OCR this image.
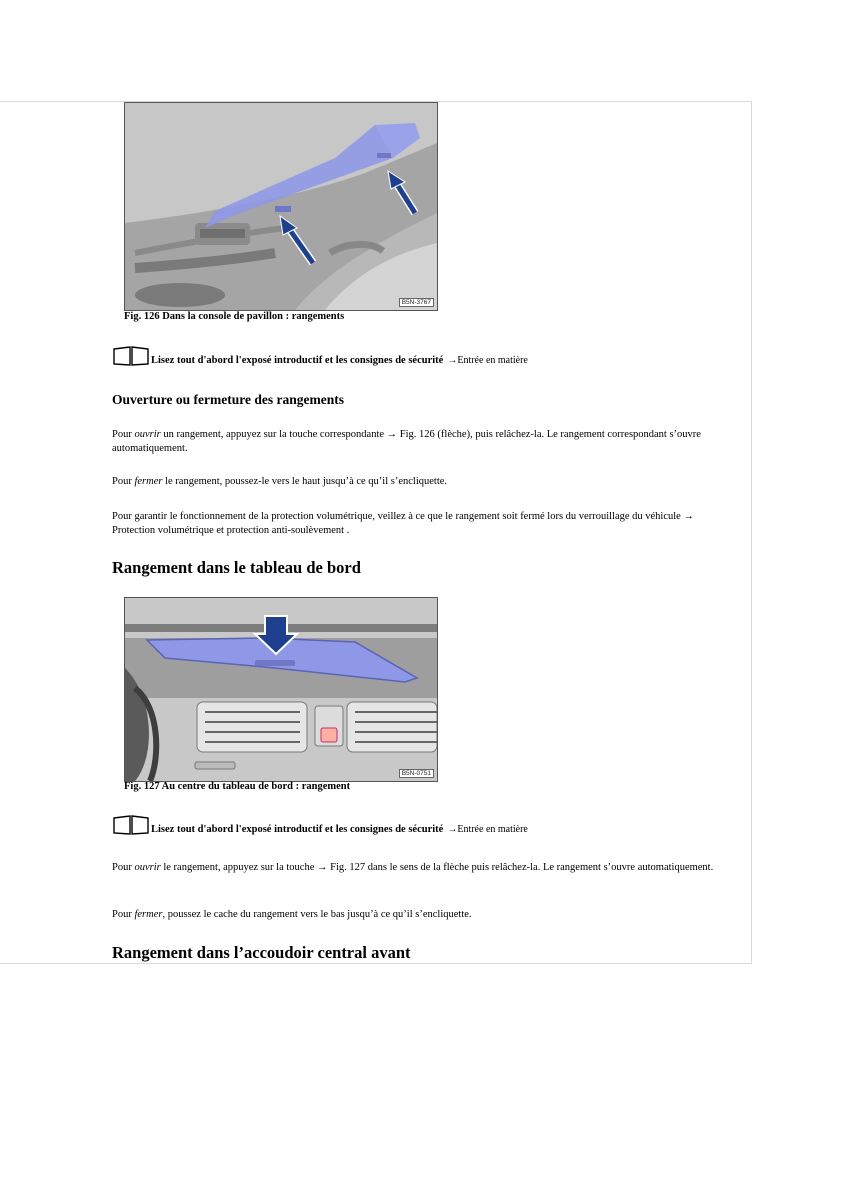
B5N-3767
Fig. 126 Dans la console de pavillon : rangements
Lisez tout d'abord l'exposé introductif et les consignes de sécurité →Entrée en matière
Ouverture ou fermeture des rangements
Pour ouvrir un rangement, appuyez sur la touche correspondante → Fig. 126 (flèche), puis relâchez-la. Le rangement correspondant s’ouvre automatiquement.
Pour fermer le rangement, poussez-le vers le haut jusqu’à ce qu’il s’encliquette.
Pour garantir le fonctionnement de la protection volumétrique, veillez à ce que le rangement soit fermé lors du verrouillage du véhicule → Protection volumétrique et protection anti-soulèvement .
Rangement dans le tableau de bord
B5N-0751
Fig. 127 Au centre du tableau de bord : rangement
Lisez tout d'abord l'exposé introductif et les consignes de sécurité →Entrée en matière
Pour ouvrir le rangement, appuyez sur la touche → Fig. 127 dans le sens de la flèche puis relâchez-la. Le rangement s’ouvre automatiquement.
Pour fermer, poussez le cache du rangement vers le bas jusqu’à ce qu’il s’encliquette.
Rangement dans l’accoudoir central avant
